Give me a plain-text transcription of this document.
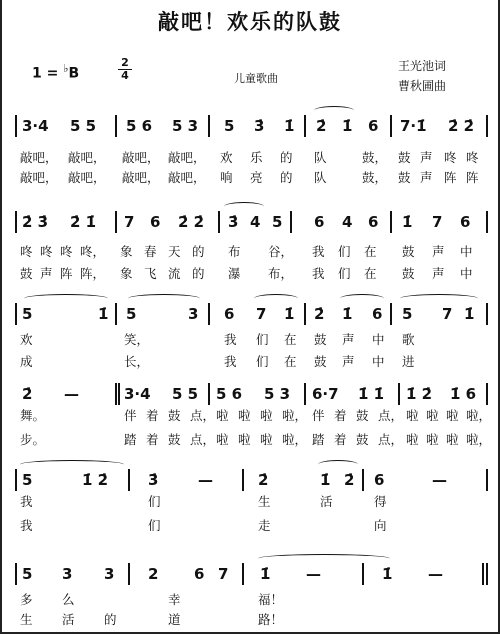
敲吧！欢乐的队鼓
1 = ♭B
2
4	儿童歌曲
王光池词
曹秋圃曲
3·4 5 5 5 6 5 3 5 3̇ 1̇ 2̇ 1̇ 6 7·1̇ 2̇ 2̇
敲吧， 敲吧， 敲吧， 敲吧， 欢 乐 的 队	鼓， 鼓 声 咚 咚
敲吧， 敲吧， 敲吧， 敲吧， 响 亮 的 队	鼓， 鼓 声 阵 阵
2̇ 3̇ 2̇ 1̇ 7 6 2̇ 2̇ 3̇ 4 5 6 4 6 1̇ 7 6
咚 咚 咚 咚， 象 春 天 的 布 谷， 我 们 在 鼓 声 中
鼓 声 阵 阵， 象 飞 流 的 瀑 布， 我 们 在 鼓 声 中
5	1̇ 5	3 6 7 1̇ 2̇ 1̇ 6 5 7 1̇
欢	笑，	我 们 在 鼓 声 中 歌
成	长，	我 们 在 鼓 声 中 进
2̇ —	3·4 5 5 5 6 5 3 6·7 1̇ 1̇ 1̇ 2̇ 1̇ 6
舞。	伴 着 鼓 点， 啦 啦 啦 啦， 伴 着 鼓 点， 啦 啦 啦 啦，
步。	踏 着 鼓 点， 啦 啦 啦 啦， 踏 着 鼓 点， 啦 啦 啦 啦，
5	1̇ 2̇	3̇	—	2̇	1̇ 2̇ 6	—
我	们	生	活	得
我	们	走	向
5 3 3 2 6 7 1̇ —	1̇ —
多 么	幸	福！
生 活 的	道	路！
